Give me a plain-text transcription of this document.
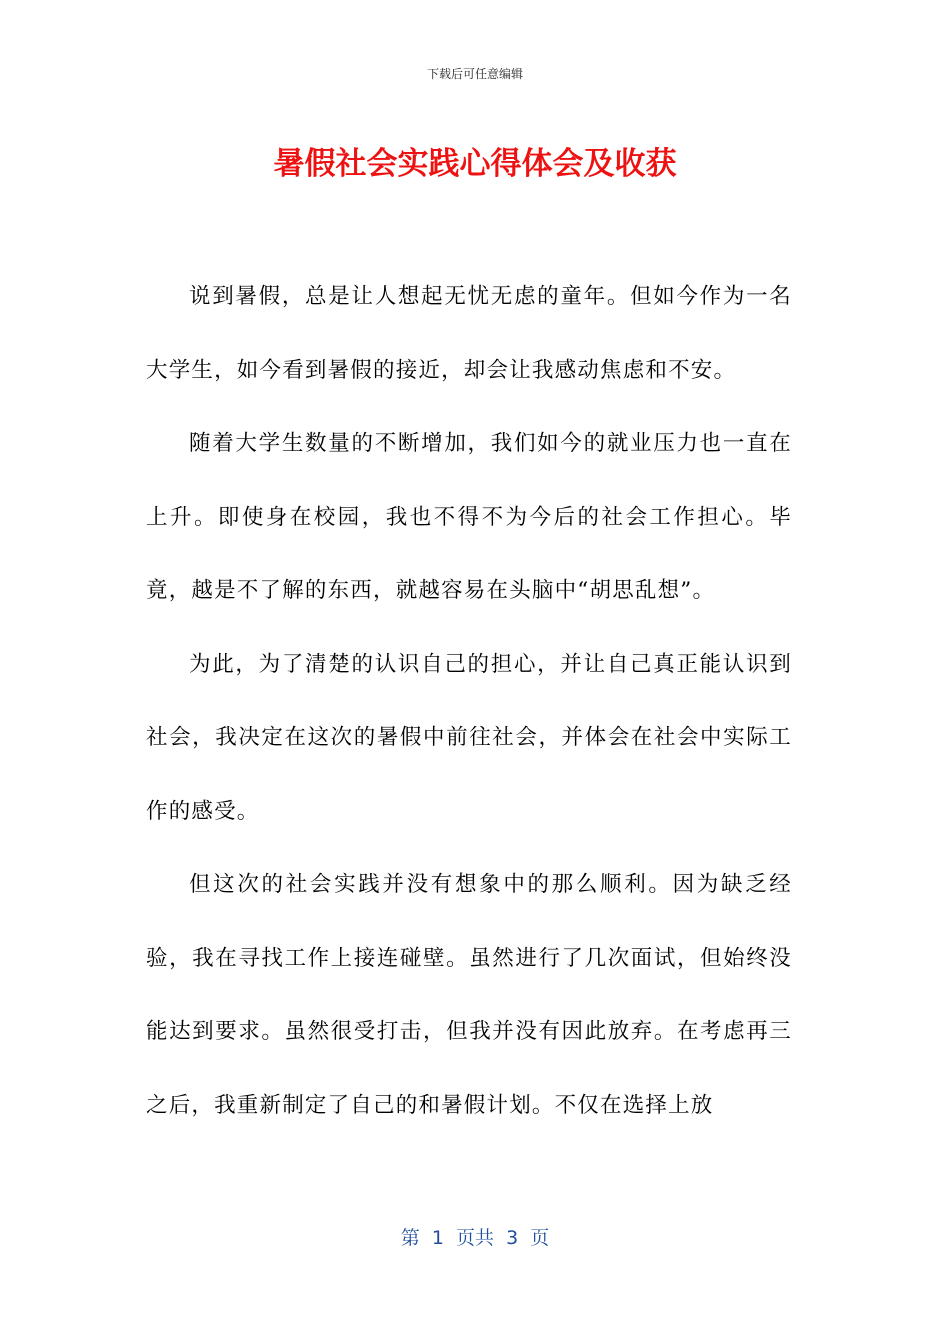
下载后可任意编辑
暑假社会实践心得体会及收获

说到暑假，总是让人想起无忧无虑的童年。但如今作为一名大学生，如今看到暑假的接近，却会让我感动焦虑和不安。

随着大学生数量的不断增加，我们如今的就业压力也一直在上升。即使身在校园，我也不得不为今后的社会工作担心。毕竟，越是不了解的东西，就越容易在头脑中“胡思乱想”。

为此，为了清楚的认识自己的担心，并让自己真正能认识到社会，我决定在这次的暑假中前往社会，并体会在社会中实际工作的感受。

但这次的社会实践并没有想象中的那么顺利。因为缺乏经验，我在寻找工作上接连碰壁。虽然进行了几次面试，但始终没能达到要求。虽然很受打击，但我并没有因此放弃。在考虑再三之后，我重新制定了自己的和暑假计划。不仅在选择上放

第  1  页共  3  页
